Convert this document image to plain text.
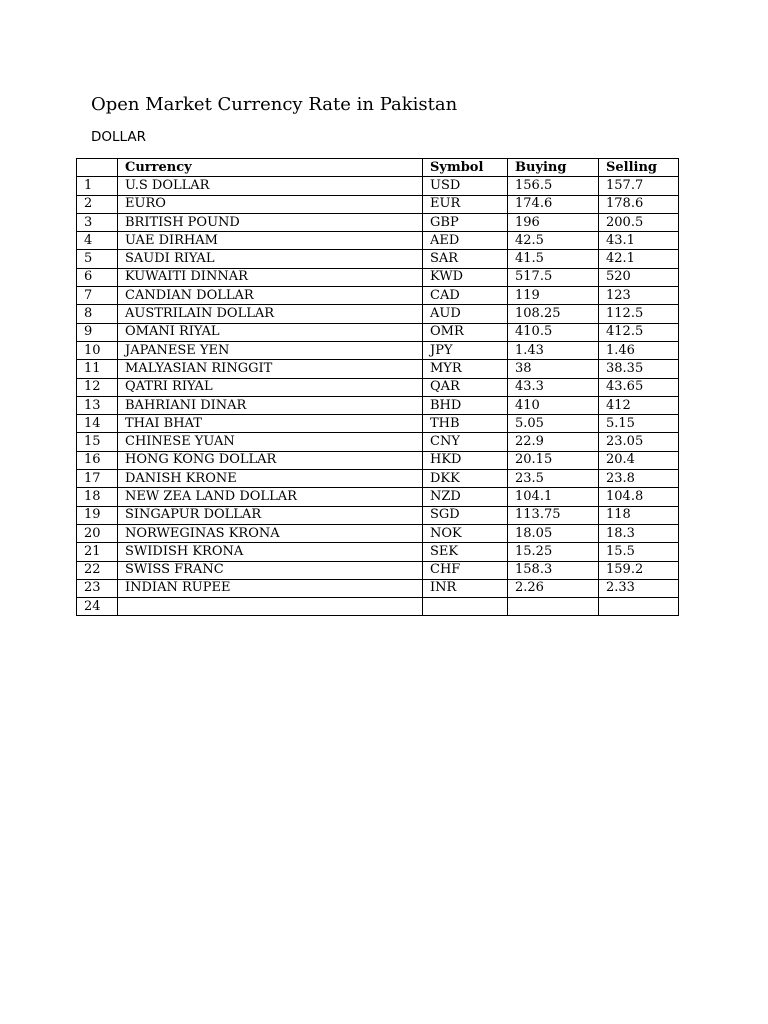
Open Market Currency Rate in Pakistan
DOLLAR
	Currency	Symbol	Buying	Selling
1	U.S DOLLAR	USD	156.5	157.7
2	EURO	EUR	174.6	178.6
3	BRITISH POUND	GBP	196	200.5
4	UAE DIRHAM	AED	42.5	43.1
5	SAUDI RIYAL	SAR	41.5	42.1
6	KUWAITI DINNAR	KWD	517.5	520
7	CANDIAN DOLLAR	CAD	119	123
8	AUSTRILAIN DOLLAR	AUD	108.25	112.5
9	OMANI RIYAL	OMR	410.5	412.5
10	JAPANESE YEN	JPY	1.43	1.46
11	MALYASIAN RINGGIT	MYR	38	38.35
12	QATRI RIYAL	QAR	43.3	43.65
13	BAHRIANI DINAR	BHD	410	412
14	THAI BHAT	THB	5.05	5.15
15	CHINESE YUAN	CNY	22.9	23.05
16	HONG KONG DOLLAR	HKD	20.15	20.4
17	DANISH KRONE	DKK	23.5	23.8
18	NEW ZEA LAND DOLLAR	NZD	104.1	104.8
19	SINGAPUR DOLLAR	SGD	113.75	118
20	NORWEGINAS KRONA	NOK	18.05	18.3
21	SWIDISH KRONA	SEK	15.25	15.5
22	SWISS FRANC	CHF	158.3	159.2
23	INDIAN RUPEE	INR	2.26	2.33
24				
